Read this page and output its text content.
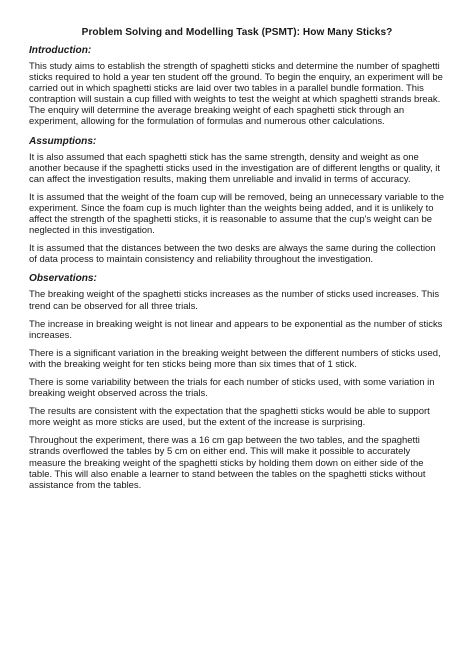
Problem Solving and Modelling Task (PSMT): How Many Sticks?
Introduction:

This study aims to establish the strength of spaghetti sticks and determine the number of spaghetti sticks required to hold a year ten student off the ground. To begin the enquiry, an experiment will be carried out in which spaghetti sticks are laid over two tables in a parallel bundle formation. This contraption will sustain a cup filled with weights to test the weight at which spaghetti strands break. The enquiry will determine the average breaking weight of each spaghetti stick through an experiment, allowing for the formulation of formulas and numerous other calculations.

Assumptions:

It is also assumed that each spaghetti stick has the same strength, density and weight as one another because if the spaghetti sticks used in the investigation are of different lengths or quality, it can affect the investigation results, making them unreliable and invalid in terms of accuracy.

It is assumed that the weight of the foam cup will be removed, being an unnecessary variable to the experiment. Since the foam cup is much lighter than the weights being added, and it is unlikely to affect the strength of the spaghetti sticks, it is reasonable to assume that the cup's weight can be neglected in this investigation.

It is assumed that the distances between the two desks are always the same during the collection of data process to maintain consistency and reliability throughout the investigation.

Observations:

The breaking weight of the spaghetti sticks increases as the number of sticks used increases. This trend can be observed for all three trials.

The increase in breaking weight is not linear and appears to be exponential as the number of sticks increases.

There is a significant variation in the breaking weight between the different numbers of sticks used, with the breaking weight for ten sticks being more than six times that of 1 stick.

There is some variability between the trials for each number of sticks used, with some variation in breaking weight observed across the trials.

The results are consistent with the expectation that the spaghetti sticks would be able to support more weight as more sticks are used, but the extent of the increase is surprising.

Throughout the experiment, there was a 16 cm gap between the two tables, and the spaghetti strands overflowed the tables by 5 cm on either end. This will make it possible to accurately measure the breaking weight of the spaghetti sticks by holding them down on either side of the table. This will also enable a learner to stand between the tables on the spaghetti sticks without assistance from the tables.
